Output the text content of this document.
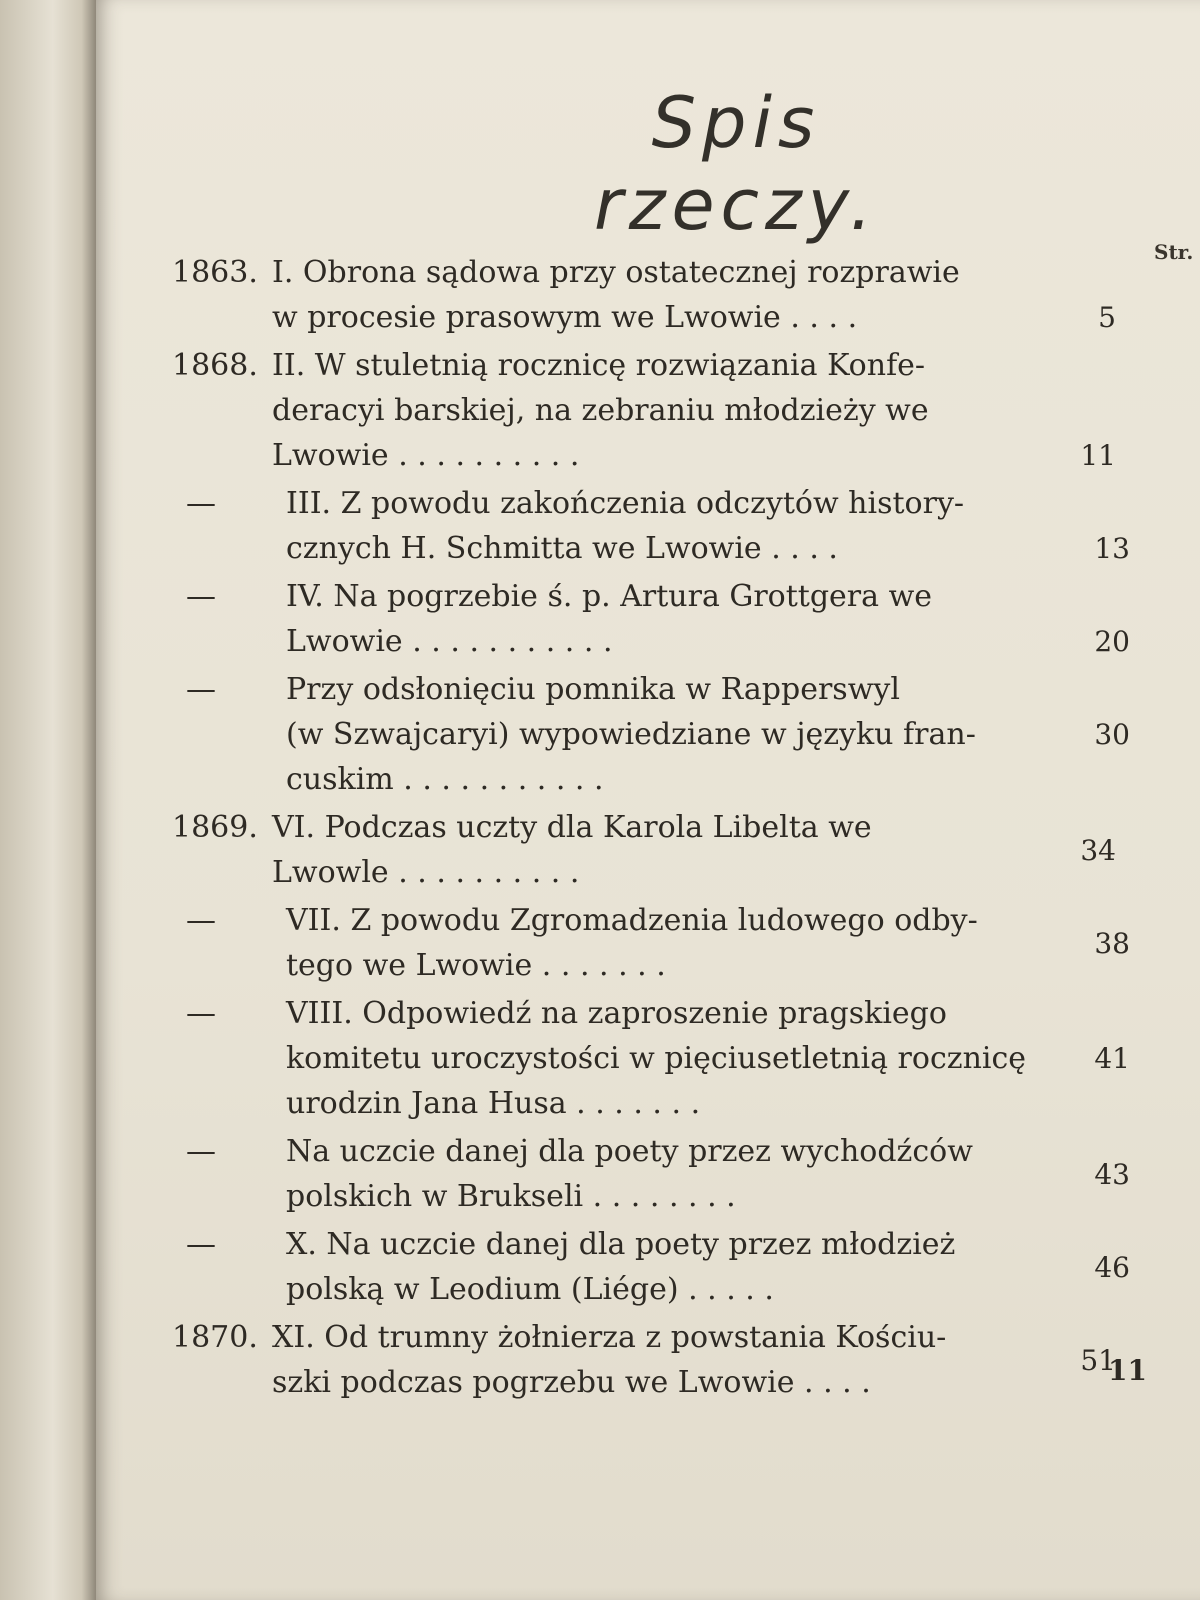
Spis rzeczy.
Str.
11
1863. I. Obrona sądowa przy ostatecznej rozprawie
w procesie prasowym we Lwowie . . . .	5
1868. II. W stuletnią rocznicę rozwiązania Konfe-
deracyi barskiej, na zebraniu młodzieży we
Lwowie . . . . . . . . . .	11
—	III. Z powodu zakończenia odczytów history-
cznych H. Schmitta we Lwowie . . . .	13
—	IV. Na pogrzebie ś. p. Artura Grottgera we
Lwowie . . . . . . . . . . .	20
—	Przy odsłonięciu pomnika w Rapperswyl
(w Szwajcaryi) wypowiedziane w języku fran-
cuskim . . . . . . . . . . .
30
1869. VI. Podczas uczty dla Karola Libelta we
Lwowle . . . . . . . . . .
34
—	VII. Z powodu Zgromadzenia ludowego odby-
tego we Lwowie . . . . . . .
38
—	VIII. Odpowiedź na zaproszenie pragskiego
komitetu uroczystości w pięciusetletnią rocznicę
urodzin Jana Husa . . . . . . .
41
—	Na uczcie danej dla poety przez wychodźców
polskich w Brukseli . . . . . . . .
43
—	X. Na uczcie danej dla poety przez młodzież
polską w Leodium (Liége) . . . . .
46
1870. XI. Od trumny żołnierza z powstania Kościu-
szki podczas pogrzebu we Lwowie . . . .
51
